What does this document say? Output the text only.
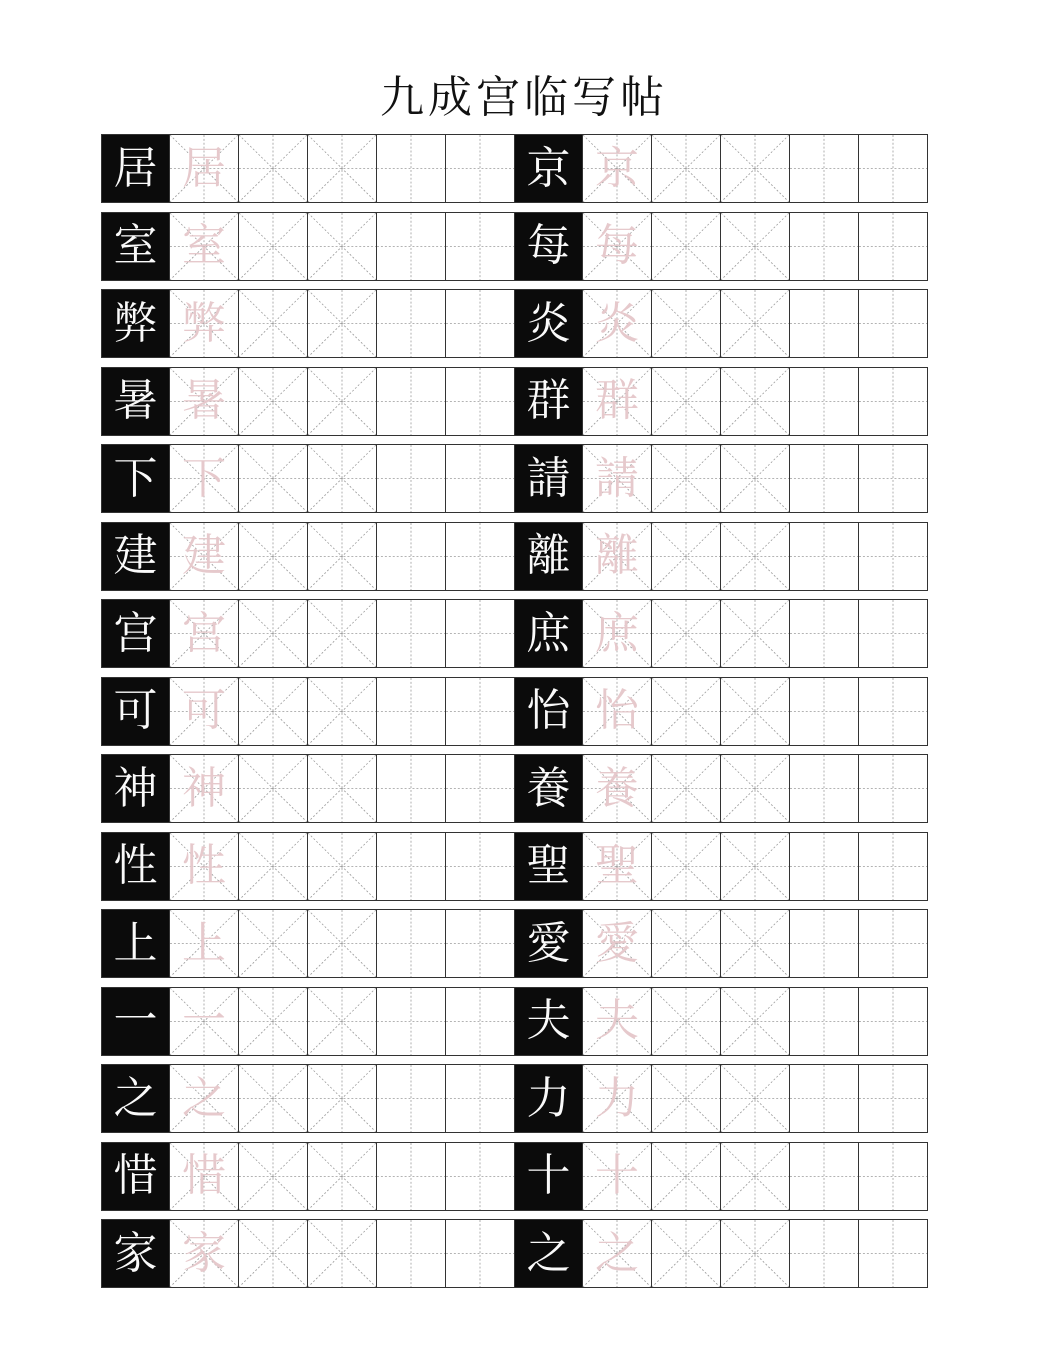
九成宫临写帖
居 居
室 室
弊 弊
暑 暑
下 下
建 建
宫 宫
可 可
神 神
性 性
上 上
一 一
之 之
惜 惜
家 家
京 京
每 每
炎 炎
群 群
請 請
離 離
庶 庶
怡 怡
養 養
聖 聖
愛 愛
夫 夫
力 力
十 十
之 之
